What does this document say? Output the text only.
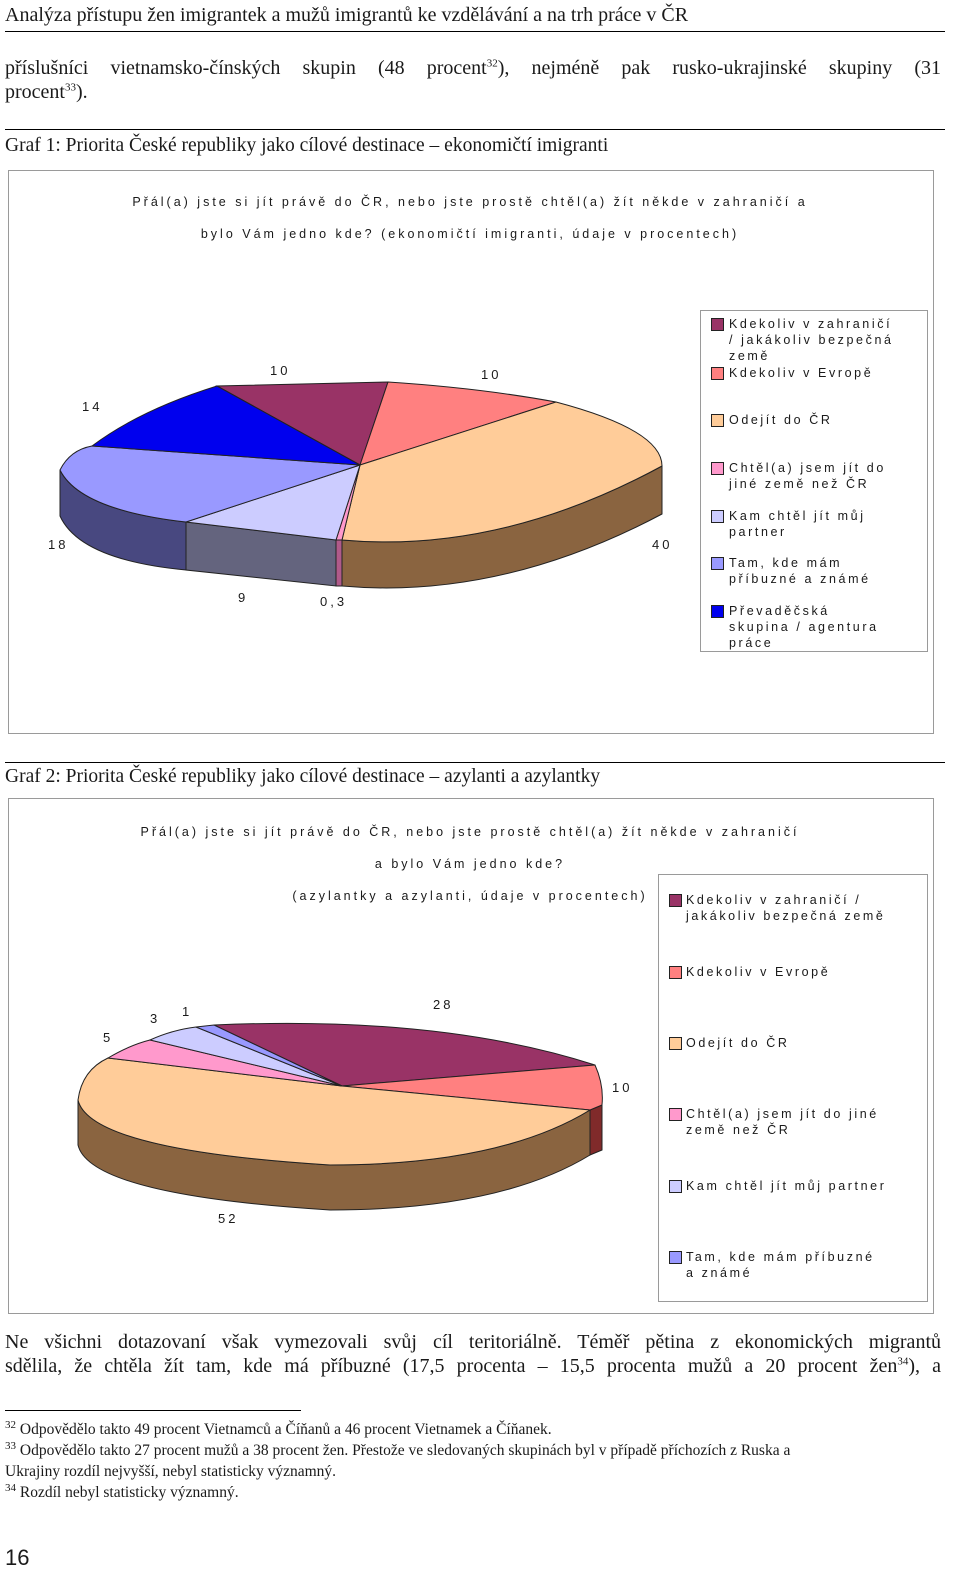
Analýza přístupu žen imigrantek a mužů imigrantů ke vzdělávání a na trh práce v ČR
příslušníci vietnamsko-čínských skupin (48 procent$^{32}$), nejméně pak rusko-ukrajinské skupiny (31
procent$^{33}$).
Graf 1: Priorita České republiky jako cílové destinace – ekonomičtí imigranti

Přál(a) jste si jít právě do ČR, nebo jste prostě chtěl(a) žít někde v zahraničí a

bylo Vám jedno kde? (ekonomičtí imigranti, údaje v procentech)

10	10
14
18
9	0,3
40
Kdekoliv v zahraničí
/ jakákoliv bezpečná
země
Kdekoliv v Evropě
Odejít do ČR
Chtěl(a) jsem jít do
jiné země než ČR
Kam chtěl jít můj
partner
Tam, kde mám
příbuzné a známé
Převaděčská
skupina / agentura
práce
Graf 2: Priorita České republiky jako cílové destinace – azylanti a azylantky

Přál(a) jste si jít právě do ČR, nebo jste prostě chtěl(a) žít někde v zahraničí

a bylo Vám jedno kde?

(azylantky a azylanti, údaje v procentech)

28
10
52
5
3 1
Kdekoliv v zahraničí /
jakákoliv bezpečná země
Kdekoliv v Evropě
Odejít do ČR
Chtěl(a) jsem jít do jiné
země než ČR
Kam chtěl jít můj partner
Tam, kde mám příbuzné
a známé
Ne všichni dotazovaní však vymezovali svůj cíl teritoriálně. Téměř pětina z ekonomických migrantů
sdělila, že chtěla žít tam, kde má příbuzné (17,5 procenta – 15,5 procenta mužů a 20 procent žen$^{34}$), a
$^{32}$ Odpovědělo takto 49 procent Vietnamců a Číňanů a 46 procent Vietnamek a Číňanek.
$^{33}$ Odpovědělo takto 27 procent mužů a 38 procent žen. Přestože ve sledovaných skupinách byl v případě příchozích z Ruska a
Ukrajiny rozdíl nejvyšší, nebyl statisticky významný.
$^{34}$ Rozdíl nebyl statisticky významný.
16
